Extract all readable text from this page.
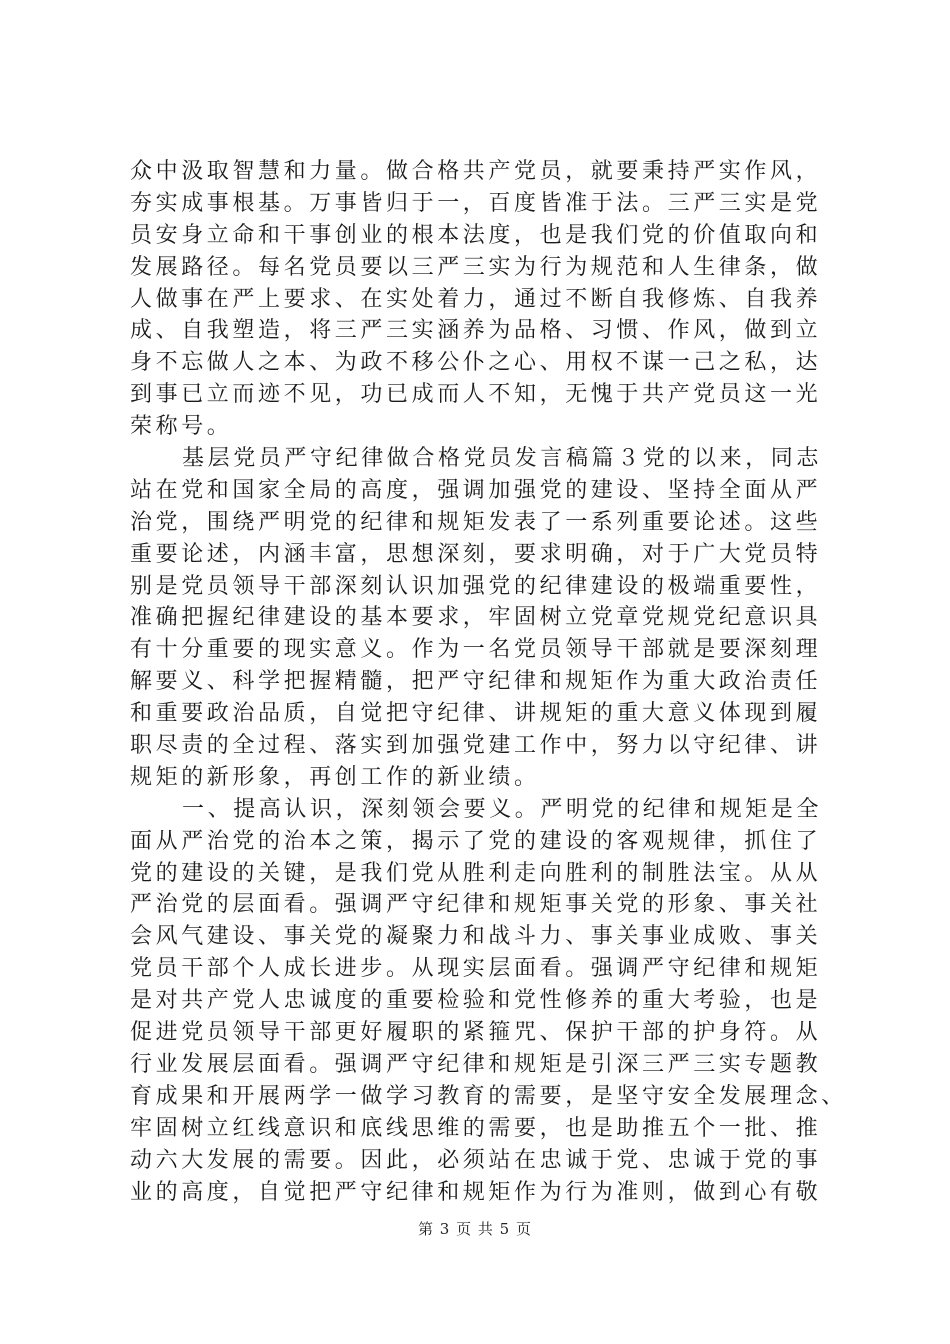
众中汲取智慧和力量。做合格共产党员，就要秉持严实作风，
夯实成事根基。万事皆归于一，百度皆准于法。三严三实是党
员安身立命和干事创业的根本法度，也是我们党的价值取向和
发展路径。每名党员要以三严三实为行为规范和人生律条，做
人做事在严上要求、在实处着力，通过不断自我修炼、自我养
成、自我塑造，将三严三实涵养为品格、习惯、作风，做到立
身不忘做人之本、为政不移公仆之心、用权不谋一己之私，达
到事已立而迹不见，功已成而人不知，无愧于共产党员这一光
荣称号。
基层党员严守纪律做合格党员发言稿篇３党的以来，同志
站在党和国家全局的高度，强调加强党的建设、坚持全面从严
治党，围绕严明党的纪律和规矩发表了一系列重要论述。这些
重要论述，内涵丰富，思想深刻，要求明确，对于广大党员特
别是党员领导干部深刻认识加强党的纪律建设的极端重要性，
准确把握纪律建设的基本要求，牢固树立党章党规党纪意识具
有十分重要的现实意义。作为一名党员领导干部就是要深刻理
解要义、科学把握精髓，把严守纪律和规矩作为重大政治责任
和重要政治品质，自觉把守纪律、讲规矩的重大意义体现到履
职尽责的全过程、落实到加强党建工作中，努力以守纪律、讲
规矩的新形象，再创工作的新业绩。
一、提高认识，深刻领会要义。严明党的纪律和规矩是全
面从严治党的治本之策，揭示了党的建设的客观规律，抓住了
党的建设的关键，是我们党从胜利走向胜利的制胜法宝。从从
严治党的层面看。强调严守纪律和规矩事关党的形象、事关社
会风气建设、事关党的凝聚力和战斗力、事关事业成败、事关
党员干部个人成长进步。从现实层面看。强调严守纪律和规矩
是对共产党人忠诚度的重要检验和党性修养的重大考验，也是
促进党员领导干部更好履职的紧箍咒、保护干部的护身符。从
行业发展层面看。强调严守纪律和规矩是引深三严三实专题教
育成果和开展两学一做学习教育的需要，是坚守安全发展理念、
牢固树立红线意识和底线思维的需要，也是助推五个一批、推
动六大发展的需要。因此，必须站在忠诚于党、忠诚于党的事
业的高度，自觉把严守纪律和规矩作为行为准则，做到心有敬
第 3 页 共 5 页
